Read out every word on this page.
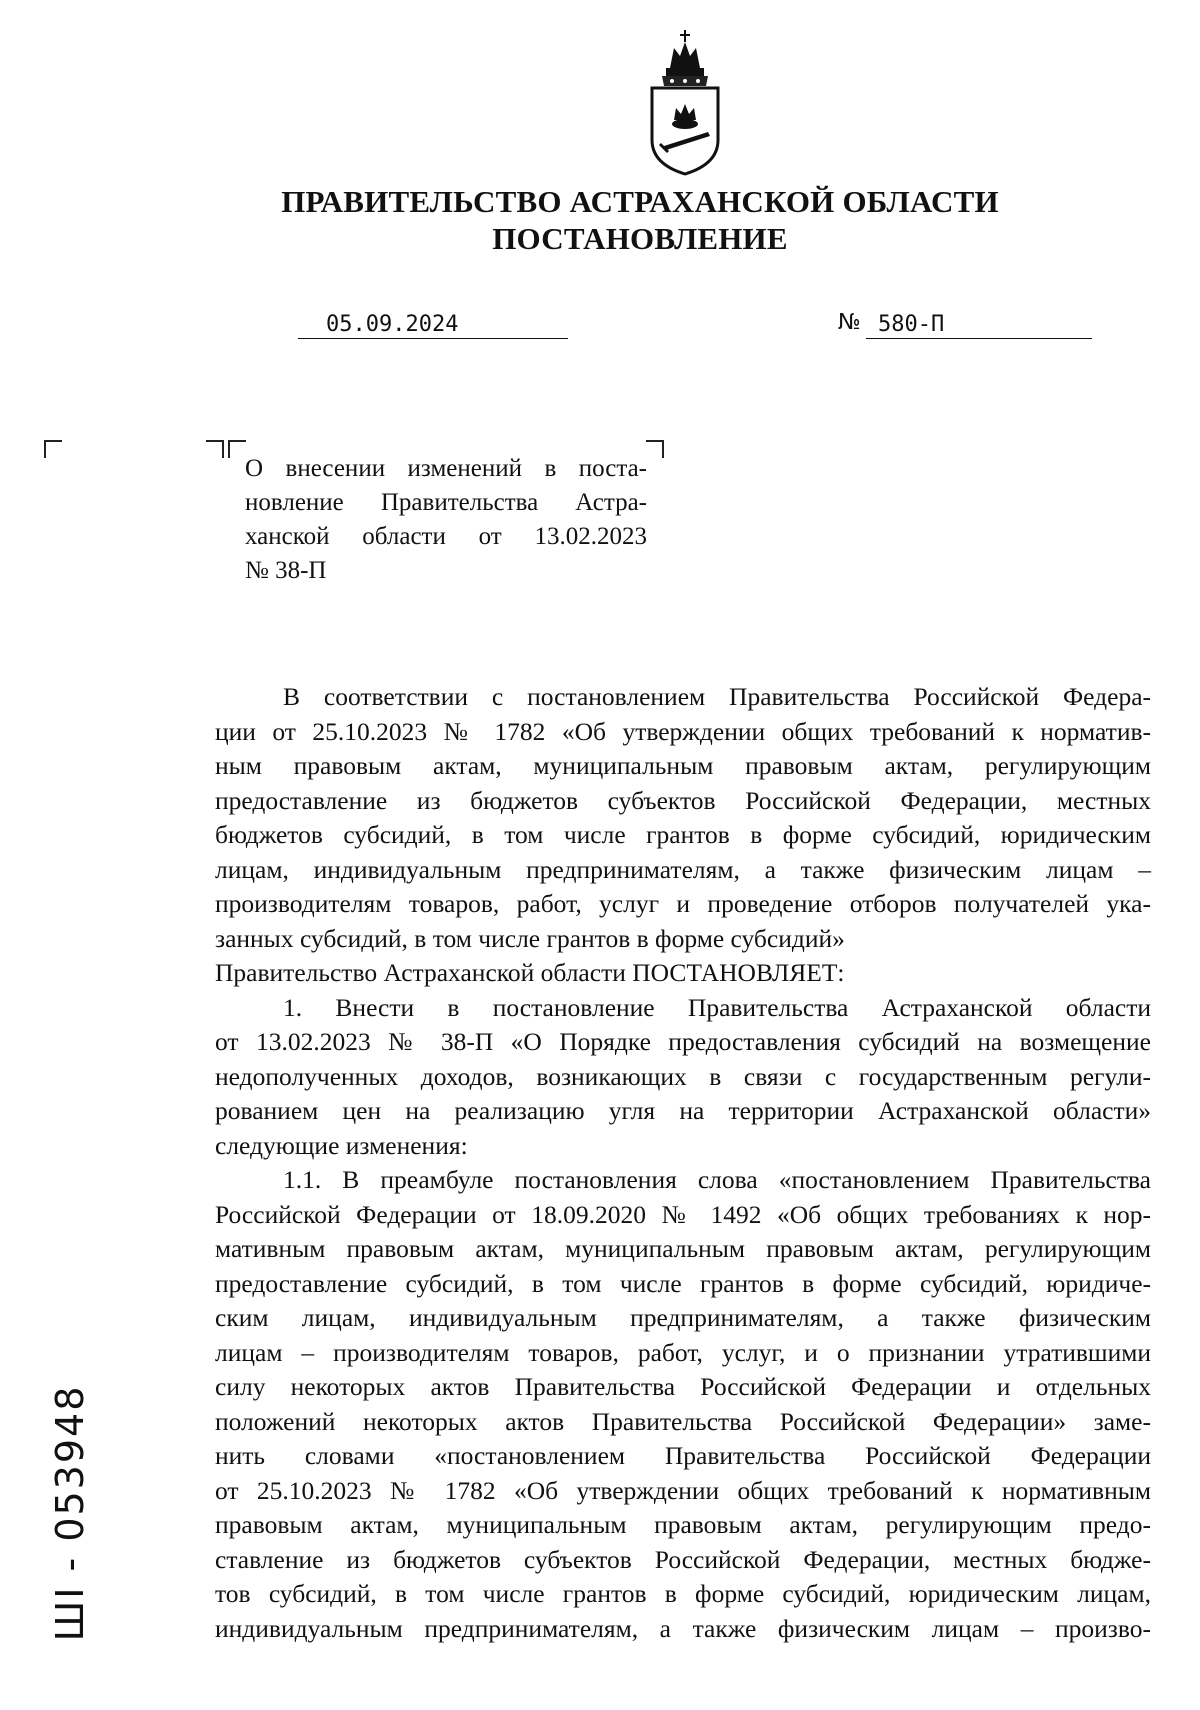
ПРАВИТЕЛЬСТВО АСТРАХАНСКОЙ ОБЛАСТИ
ПОСТАНОВЛЕНИЕ
05.09.2024	№ 580-П
О внесении изменений в поста-
новление Правительства Астра-
ханской области от 13.02.2023
№ 38-П
В соответствии с постановлением Правительства Российской Федера-
ции от 25.10.2023 № 1782 «Об утверждении общих требований к норматив-
ным правовым актам, муниципальным правовым актам, регулирующим
предоставление из бюджетов субъектов Российской Федерации, местных
бюджетов субсидий, в том числе грантов в форме субсидий, юридическим
лицам, индивидуальным предпринимателям, а также физическим лицам –
производителям товаров, работ, услуг и проведение отборов получателей ука-
занных субсидий, в том числе грантов в форме субсидий»
Правительство Астраханской области ПОСТАНОВЛЯЕТ:
1. Внести в постановление Правительства Астраханской области
от 13.02.2023 № 38-П «О Порядке предоставления субсидий на возмещение
недополученных доходов, возникающих в связи с государственным регули-
рованием цен на реализацию угля на территории Астраханской области»
следующие изменения:
1.1. В преамбуле постановления слова «постановлением Правительства
Российской Федерации от 18.09.2020 № 1492 «Об общих требованиях к нор-
мативным правовым актам, муниципальным правовым актам, регулирующим
предоставление субсидий, в том числе грантов в форме субсидий, юридиче-
ским лицам, индивидуальным предпринимателям, а также физическим
лицам – производителям товаров, работ, услуг, и о признании утратившими
силу некоторых актов Правительства Российской Федерации и отдельных
положений некоторых актов Правительства Российской Федерации» заме-
нить словами «постановлением Правительства Российской Федерации
от 25.10.2023 № 1782 «Об утверждении общих требований к нормативным
правовым актам, муниципальным правовым актам, регулирующим предо-
ставление из бюджетов субъектов Российской Федерации, местных бюдже-
тов субсидий, в том числе грантов в форме субсидий, юридическим лицам,
индивидуальным предпринимателям, а также физическим лицам – произво-
ШI - 053948
